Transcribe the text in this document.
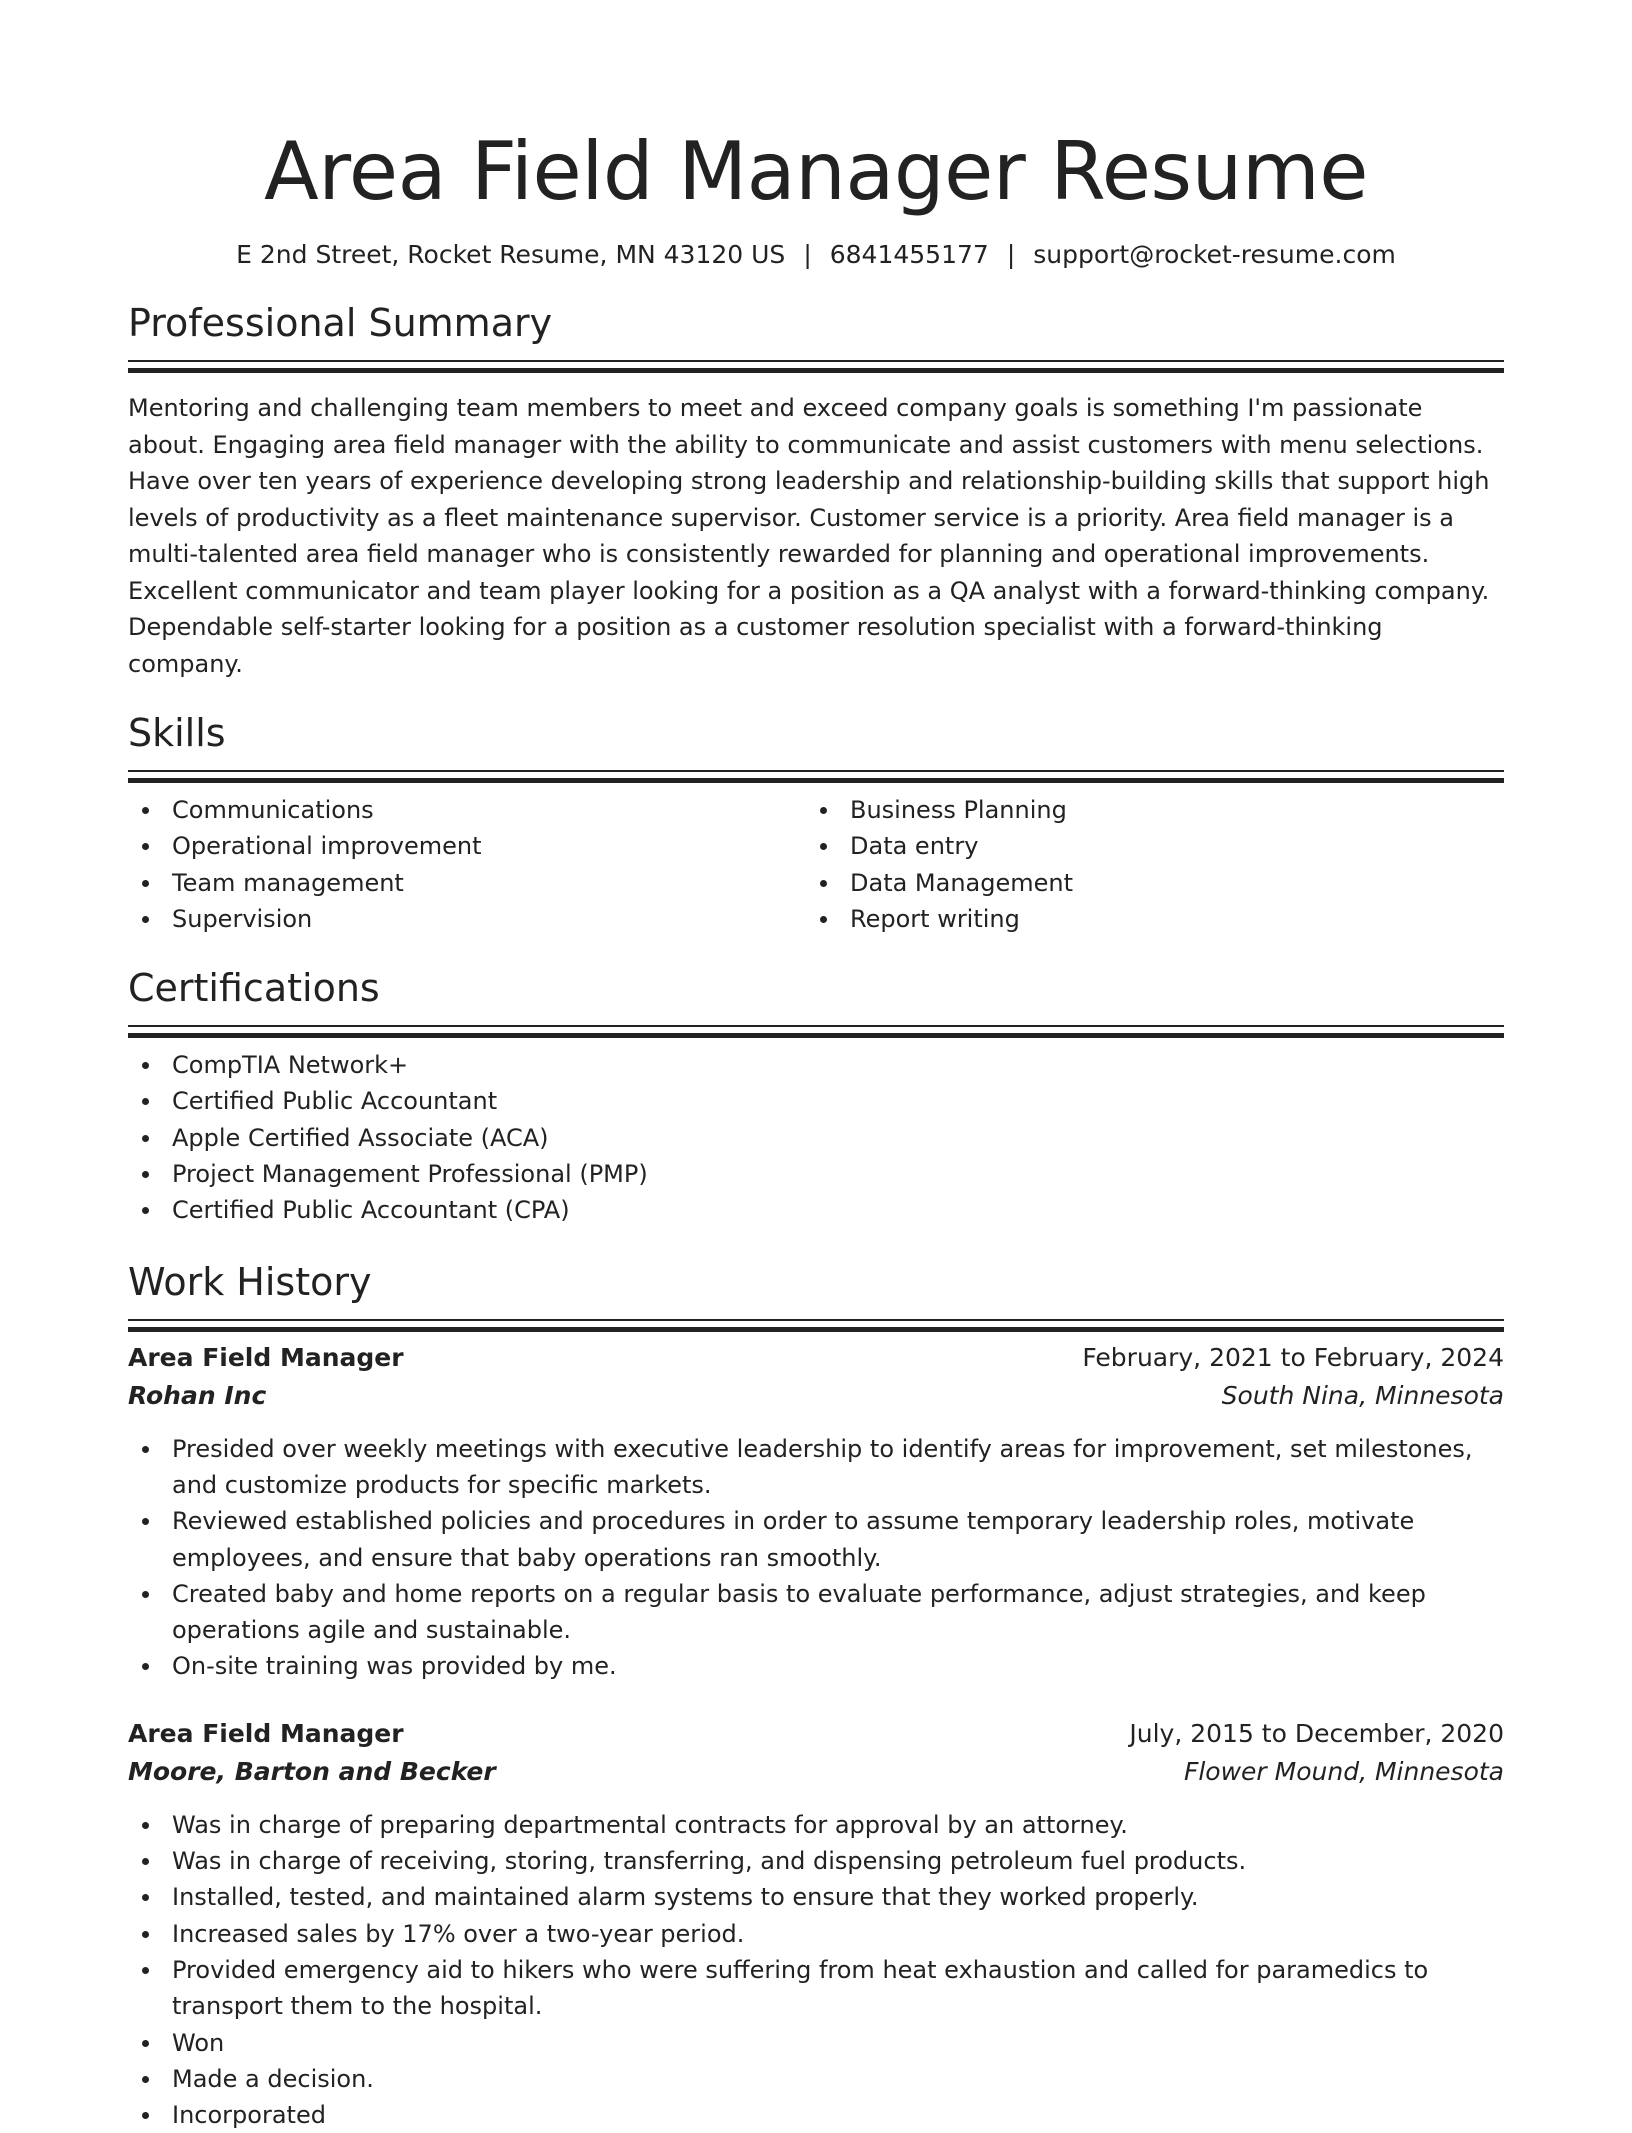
Area Field Manager Resume
E 2nd Street, Rocket Resume, MN 43120 US | 6841455177 | support@rocket-resume.com
Professional Summary
Mentoring and challenging team members to meet and exceed company goals is something I'm passionate about. Engaging area field manager with the ability to communicate and assist customers with menu selections. Have over ten years of experience developing strong leadership and relationship-building skills that support high levels of productivity as a fleet maintenance supervisor. Customer service is a priority. Area field manager is a multi-talented area field manager who is consistently rewarded for planning and operational improvements. Excellent communicator and team player looking for a position as a QA analyst with a forward-thinking company. Dependable self-starter looking for a position as a customer resolution specialist with a forward-thinking company.
Skills
Communications
Operational improvement
Team management
Supervision
Business Planning
Data entry
Data Management
Report writing
Certifications
CompTIA Network+
Certified Public Accountant
Apple Certified Associate (ACA)
Project Management Professional (PMP)
Certified Public Accountant (CPA)
Work History
Area Field Manager	February, 2021 to February, 2024
Rohan Inc	South Nina, Minnesota
Presided over weekly meetings with executive leadership to identify areas for improvement, set milestones, and customize products for specific markets.
Reviewed established policies and procedures in order to assume temporary leadership roles, motivate employees, and ensure that baby operations ran smoothly.
Created baby and home reports on a regular basis to evaluate performance, adjust strategies, and keep operations agile and sustainable.
On-site training was provided by me.
Area Field Manager	July, 2015 to December, 2020
Moore, Barton and Becker	Flower Mound, Minnesota
Was in charge of preparing departmental contracts for approval by an attorney.
Was in charge of receiving, storing, transferring, and dispensing petroleum fuel products.
Installed, tested, and maintained alarm systems to ensure that they worked properly.
Increased sales by 17% over a two-year period.
Provided emergency aid to hikers who were suffering from heat exhaustion and called for paramedics to transport them to the hospital.
Won
Made a decision.
Incorporated
